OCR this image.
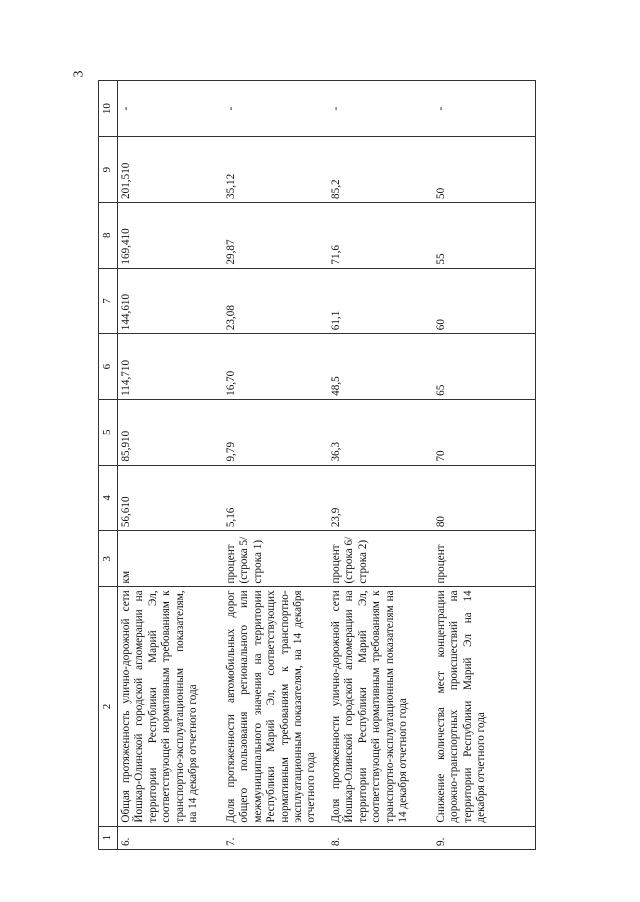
3
1	2	3	4	5	6	7	8	9	10
6.	Общая протяженность улично-дорожной сети Йошкар-Олинской городской агломерации на территории Республики Марий Эл, соответствующей нормативным требованиям к транспортно-эксплуатационным показателям, на 14 декабря отчетного года	км	56,610	85,910	114,710	144,610	169,410	201,510	-
7.	Доля протяженности автомобильных дорог общего пользования регионального или межмуниципального значения на территории Республики Марий Эл, соответствующих нормативным требованиям к транспортно-эксплуатационным показателям, на 14 декабря отчетного года	процент (строка 5/ строка 1)	5,16	9,79	16,70	23,08	29,87	35,12	-
8.	Доля протяженности улично-дорожной сети Йошкар-Олинской городской агломерации на территории Республики Марий Эл, соответствующей нормативным требованиям к транспортно-эксплуатационным показателям на 14 декабря отчетного года	процент (строка 6/ строка 2)	23,9	36,3	48,5	61,1	71,6	85,2	-
9.	Снижение количества мест концентрации дорожно-транспортных происшествий на территории Республики Марий Эл на 14 декабря отчетного года	процент	80	70	65	60	55	50	-
